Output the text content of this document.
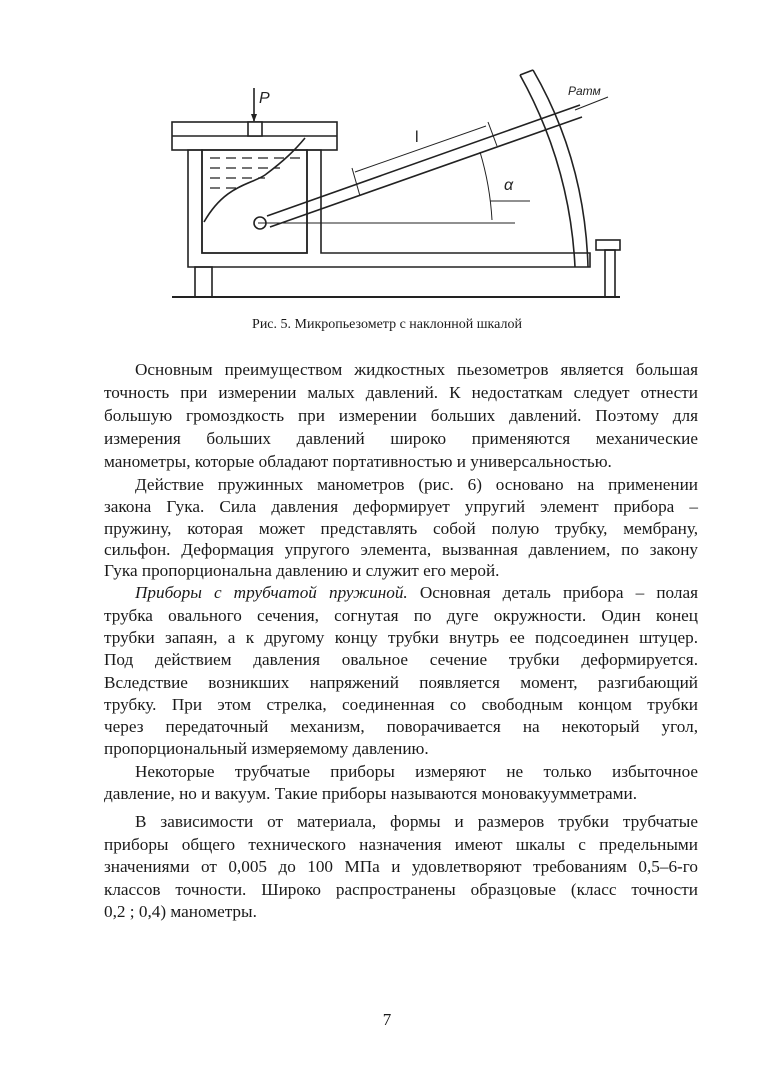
P	Pатм
l
α
Рис. 5. Микропьезометр с наклонной шкалой
Основным преимуществом жидкостных пьезометров является большая
точность при измерении малых давлений. К недостаткам следует отнести
большую громоздкость при измерении больших давлений. Поэтому для
измерения больших давлений широко применяются механические
манометры, которые обладают портативностью и универсальностью.
Действие пружинных манометров (рис. 6) основано на применении
закона Гука. Сила давления деформирует упругий элемент прибора –
пружину, которая может представлять собой полую трубку, мембрану,
сильфон. Деформация упругого элемента, вызванная давлением, по закону
Гука пропорциональна давлению и служит его мерой.
Приборы с трубчатой пружиной. Основная деталь прибора – полая
трубка овального сечения, согнутая по дуге окружности. Один конец
трубки запаян, а к другому концу трубки внутрь ее подсоединен штуцер.
Под действием давления овальное сечение трубки деформируется.
Вследствие возникших напряжений появляется момент, разгибающий
трубку. При этом стрелка, соединенная со свободным концом трубки
через передаточный механизм, поворачивается на некоторый угол,
пропорциональный измеряемому давлению.
Некоторые трубчатые приборы измеряют не только избыточное
давление, но и вакуум. Такие приборы называются моновакуумметрами.
В зависимости от материала, формы и размеров трубки трубчатые
приборы общего технического назначения имеют шкалы с предельными
значениями от 0,005 до 100 МПа и удовлетворяют требованиям 0,5–6-го
классов точности. Широко распространены образцовые (класс точности
0,2 ; 0,4) манометры.
7
